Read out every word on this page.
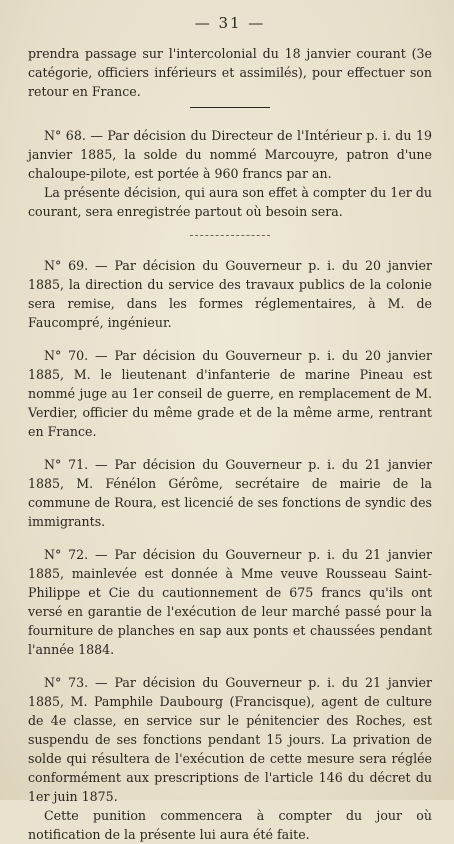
— 31 —

prendra passage sur l'intercolonial du 18 janvier courant (3e catégorie, officiers inférieurs et assimilés), pour effectuer son retour en France.

N° 68. — Par décision du Directeur de l'Intérieur p. i. du 19 janvier 1885, la solde du nommé Marcouyre, patron d'une chaloupe-pilote, est portée à 960 francs par an.

La présente décision, qui aura son effet à compter du 1er du courant, sera enregistrée partout où besoin sera.

N° 69. — Par décision du Gouverneur p. i. du 20 janvier 1885, la direction du service des travaux publics de la colonie sera remise, dans les formes réglementaires, à M. de Faucompré, ingénieur.

N° 70. — Par décision du Gouverneur p. i. du 20 janvier 1885, M. le lieutenant d'infanterie de marine Pineau est nommé juge au 1er conseil de guerre, en remplacement de M. Verdier, officier du même grade et de la même arme, rentrant en France.

N° 71. — Par décision du Gouverneur p. i. du 21 janvier 1885, M. Fénélon Gérôme, secrétaire de mairie de la commune de Roura, est licencié de ses fonctions de syndic des immigrants.

N° 72. — Par décision du Gouverneur p. i. du 21 janvier 1885, mainlevée est donnée à Mme veuve Rousseau Saint-Philippe et Cie du cautionnement de 675 francs qu'ils ont versé en garantie de l'exécution de leur marché passé pour la fourniture de planches en sap aux ponts et chaussées pendant l'année 1884.

N° 73. — Par décision du Gouverneur p. i. du 21 janvier 1885, M. Pamphile Daubourg (Francisque), agent de culture de 4e classe, en service sur le pénitencier des Roches, est suspendu de ses fonctions pendant 15 jours. La privation de solde qui résultera de l'exécution de cette mesure sera réglée conformément aux prescriptions de l'article 146 du décret du 1er juin 1875.

Cette punition commencera à compter du jour où notification de la présente lui aura été faite.
